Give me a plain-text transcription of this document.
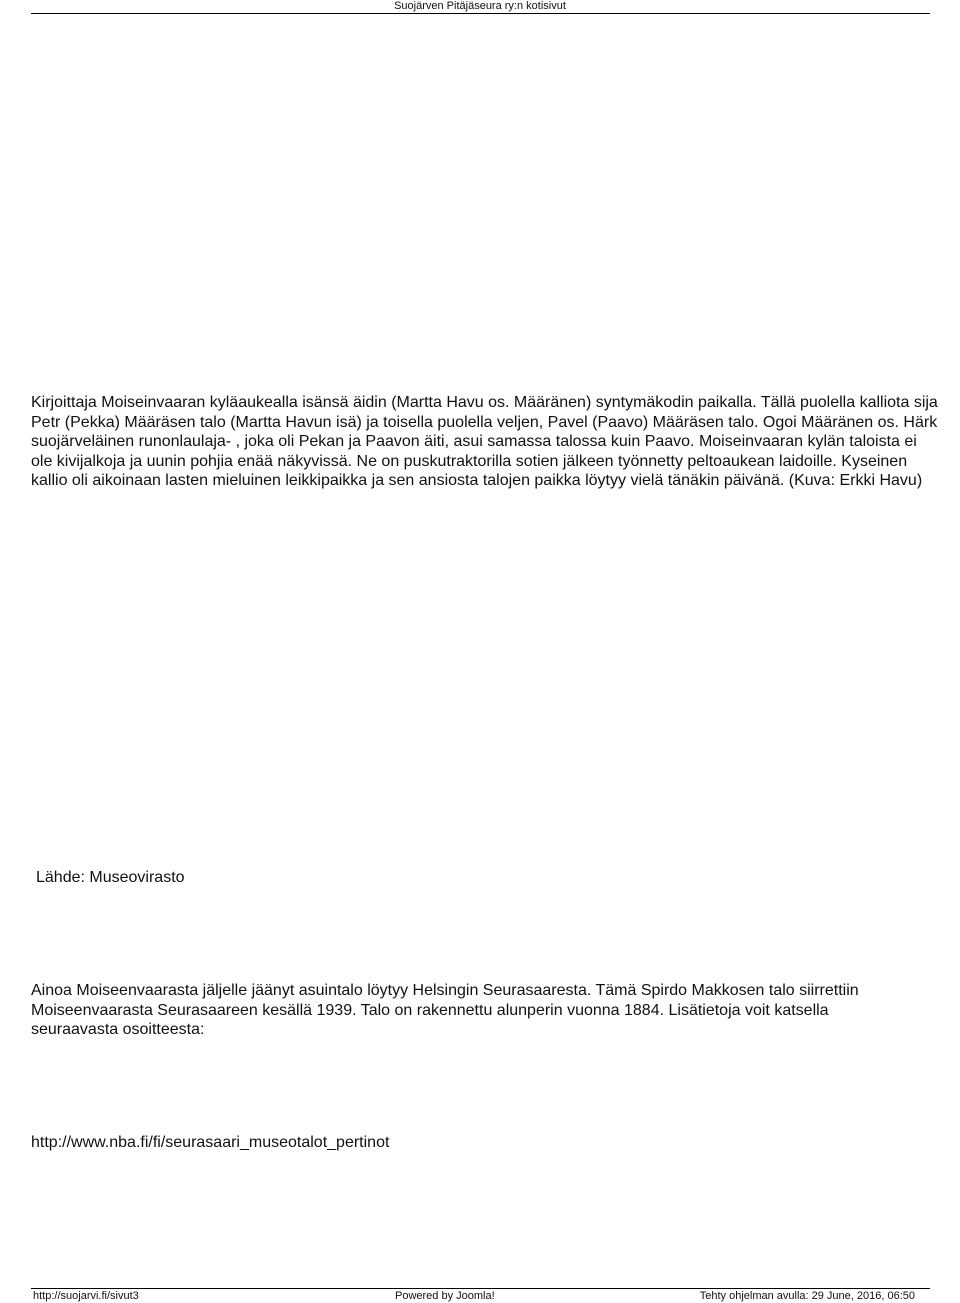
Suojärven Pitäjäseura ry:n kotisivut

Kirjoittaja Moiseinvaaran kyläaukealla isänsä äidin (Martta Havu os. Määränen) syntymäkodin paikalla. Tällä puolella kalliota sija
Petr (Pekka) Määräsen talo (Martta Havun isä) ja toisella puolella veljen, Pavel (Paavo) Määräsen talo. Ogoi Määränen os. Härk
suojärveläinen runonlaulaja- , joka oli Pekan ja Paavon äiti, asui samassa talossa kuin Paavo. Moiseinvaaran kylän taloista ei
ole kivijalkoja ja uunin pohjia enää näkyvissä. Ne on puskutraktorilla sotien jälkeen työnnetty peltoaukean laidoille. Kyseinen
kallio oli aikoinaan lasten mieluinen leikkipaikka ja sen ansiosta talojen paikka löytyy vielä tänäkin päivänä. (Kuva: Erkki Havu)

Lähde: Museovirasto

Ainoa Moiseenvaarasta jäljelle jäänyt asuintalo löytyy Helsingin Seurasaaresta. Tämä Spirdo Makkosen talo siirrettiin
Moiseenvaarasta Seurasaareen kesällä 1939. Talo on rakennettu alunperin vuonna 1884. Lisätietoja voit katsella
seuraavasta osoitteesta:

http://www.nba.fi/fi/seurasaari_museotalot_pertinot
http://suojarvi.fi/sivut3	Powered by Joomla!	Tehty ohjelman avulla: 29 June, 2016, 06:50
